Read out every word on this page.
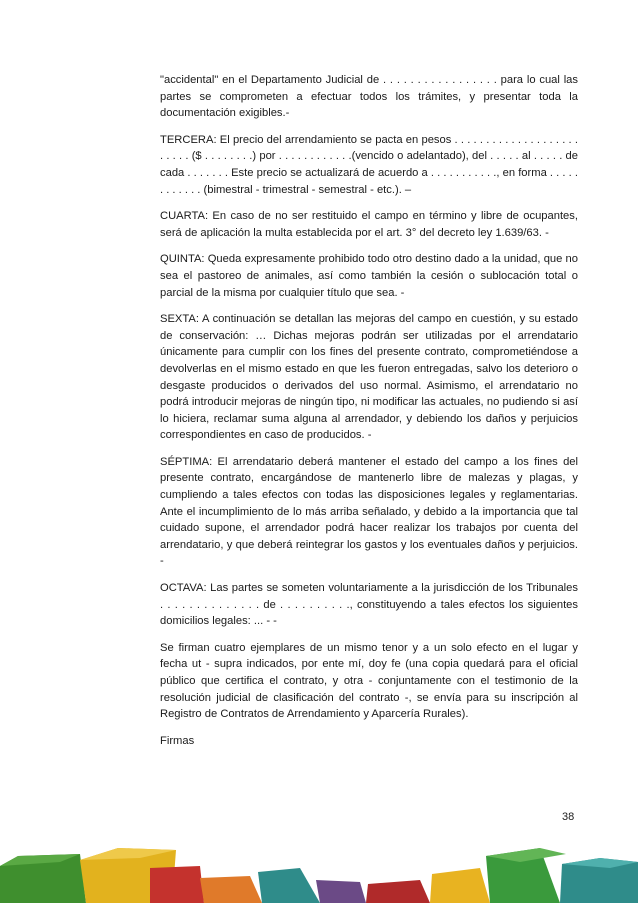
"accidental" en el Departamento Judicial de . . . . . . . . . . . . . . . . . para lo cual las partes se comprometen a efectuar todos los trámites, y presentar toda la documentación exigibles.-

TERCERA: El precio del arrendamiento se pacta en pesos . . . . . . . . . . . . . . . . . . . . . . . . . ($ . . . . . . . .) por . . . . . . . . . . . .(vencido o adelantado), del . . . . . al . . . . . de cada . . . . . . . Este precio se actualizará de acuerdo a . . . . . . . . . . ., en forma . . . . . . . . . . . . (bimestral - trimestral - semestral - etc.). –

CUARTA: En caso de no ser restituido el campo en término y libre de ocupantes, será de aplicación la multa establecida por el art. 3° del decreto ley 1.639/63. -

QUINTA: Queda expresamente prohibido todo otro destino dado a la unidad, que no sea el pastoreo de animales, así como también la cesión o sublocación total o parcial de la misma por cualquier título que sea. -

SEXTA: A continuación se detallan las mejoras del campo en cuestión, y su estado de conservación: … Dichas mejoras podrán ser utilizadas por el arrendatario únicamente para cumplir con los fines del presente contrato, comprometiéndose a devolverlas en el mismo estado en que les fueron entregadas, salvo los deterioro o desgaste producidos o derivados del uso normal. Asimismo, el arrendatario no podrá introducir mejoras de ningún tipo, ni modificar las actuales, no pudiendo si así lo hiciera, reclamar suma alguna al arrendador, y debiendo los daños y perjuicios correspondientes en caso de producidos. -

SÉPTIMA: El arrendatario deberá mantener el estado del campo a los fines del presente contrato, encargándose de mantenerlo libre de malezas y plagas, y cumpliendo a tales efectos con todas las disposiciones legales y reglamentarias. Ante el incumplimiento de lo más arriba señalado, y debido a la importancia que tal cuidado supone, el arrendador podrá hacer realizar los trabajos por cuenta del arrendatario, y que deberá reintegrar los gastos y los eventuales daños y perjuicios. -

OCTAVA: Las partes se someten voluntariamente a la jurisdicción de los Tribunales . . . . . . . . . . . . . . de . . . . . . . . . ., constituyendo a tales efectos los siguientes domicilios legales: ... - -

Se firman cuatro ejemplares de un mismo tenor y a un solo efecto en el lugar y fecha ut - supra indicados, por ente mí, doy fe (una copia quedará para el oficial público que certifica el contrato, y otra - conjuntamente con el testimonio de la resolución judicial de clasificación del contrato -, se envía para su inscripción al Registro de Contratos de Arrendamiento y Aparcería Rurales).

Firmas

38
